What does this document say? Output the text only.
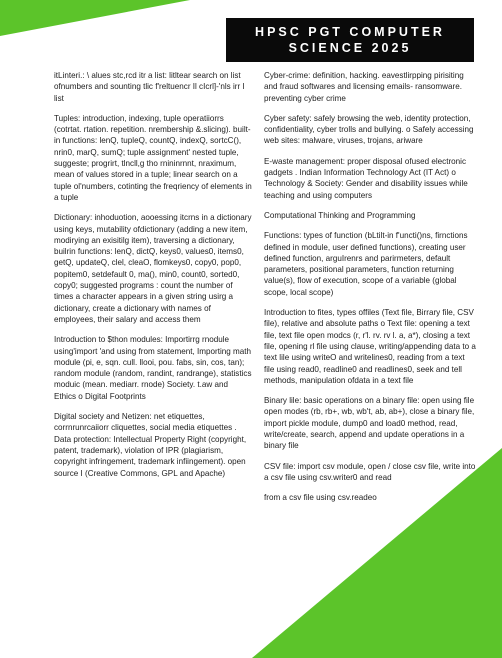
HPSC PGT COMPUTER
SCIENCE 2025

itLinteri.: \ alues stc,rcd itr a list: litltear search on list ofnumbers and sounting tlic f'reltuencr Il cIcrl]-'nls irr I list

Tuples: introduction, indexing, tuple operatiiorrs (cotrtat. rtation. repetition. nrembership &.slicing). built-in functions: lenQ, tupleQ, countQ, indexQ, sortcC(), nrin0, marQ, sumQ; tuple assignment' nested tuple, suggeste; progrirt, tlncll,g tho rnininrnnt, nraximum, mean of values stored in a tuple; linear search on a tuple ol'numbers, cotinting the freqriency of elements in a tuple

Dictionary: inhoduotion, aooessing itcrns in a dictionary using keys, mutability ofdictionary (adding a new item, modirying an exisitilg item), traversing a dictionary, builrin functions: lenQ, dictQ, keys0, values0, items0, getQ, updateQ, clel, cleaO, flomkeys0, copy0, pop0, popitem0, setdefault 0, ma(), min0, count0, sorted0, copy0; suggested programs : count the number of times a character appears in a given string usirg a dictionary, create a dictionary with names of employees, their salary and access them

Introduction to $thon modules: Importirrg rnodule using'import 'and using from statement, Importing math module (pi, e, sqn. cull. llooi, pou. fabs, sin, cos, tan); random module (random, randint, randrange), statistics moduic (mean. mediarr. rnode) Society. t.aw and Ethics o Digital Footprints

Digital society and Netizen: net etiquettes, corrnrunrcaiiorr cliquettes, social media etiquettes . Data protection: Intellectual Property Right (copyright, patent, trademark), violation of IPR (plagiarism, copyright infringement, trademark infiingement). open source I (Creative Commons, GPL and Apache)

Cyber-crime: definition, hacking. eavestlirpping pirisiting and fraud softwares and licensing emails- ransomware. preventing cyber crime

Cyber safety: safely browsing the web, identity protection, confidentiality, cyber trolls and bullying. o Safely accessing web sites: malware, viruses, trojans, ariware

E-waste management: proper disposal ofused electronic gadgets . Indian Information Technology Act (IT Act) o Technology & Society: Gender and disability issues while teaching and using computers

Computational Thinking and Programming

Functions: types of function (bLtilt-in f'uncti()ns, firnctions defined in module, user defined functions), creating user defined function, arguIrenrs and parirmeters, default parameters, positional parameters, function returning value(s), flow of execution, scope of a variable (global scope, local scope)

Introduction to fites, types offiles (Text file, Birrary file, CSV file), relative and absolute paths o Text file: opening a text file, text file open modcs (r, r'l. rv. rv l. a, a*), closing a text file, opening rl file using clause, writing/appending data to a text lile using writeO and writelines0, reading from a text file using read0, readline0 and readlines0, seek and tell methods, manipulation ofdata in a text file

Binary lile: basic operations on a binary file: open using file open modes (rb, rb+, wb, wb't, ab, ab+), close a binary file, import pickle module, dump0 and load0 method, read, write/create, search, append and update operations in a binary file

CSV file: import csv module, open / close csv file, write into a csv file using csv.writer0 and read

from a csv file using csv.readeo
